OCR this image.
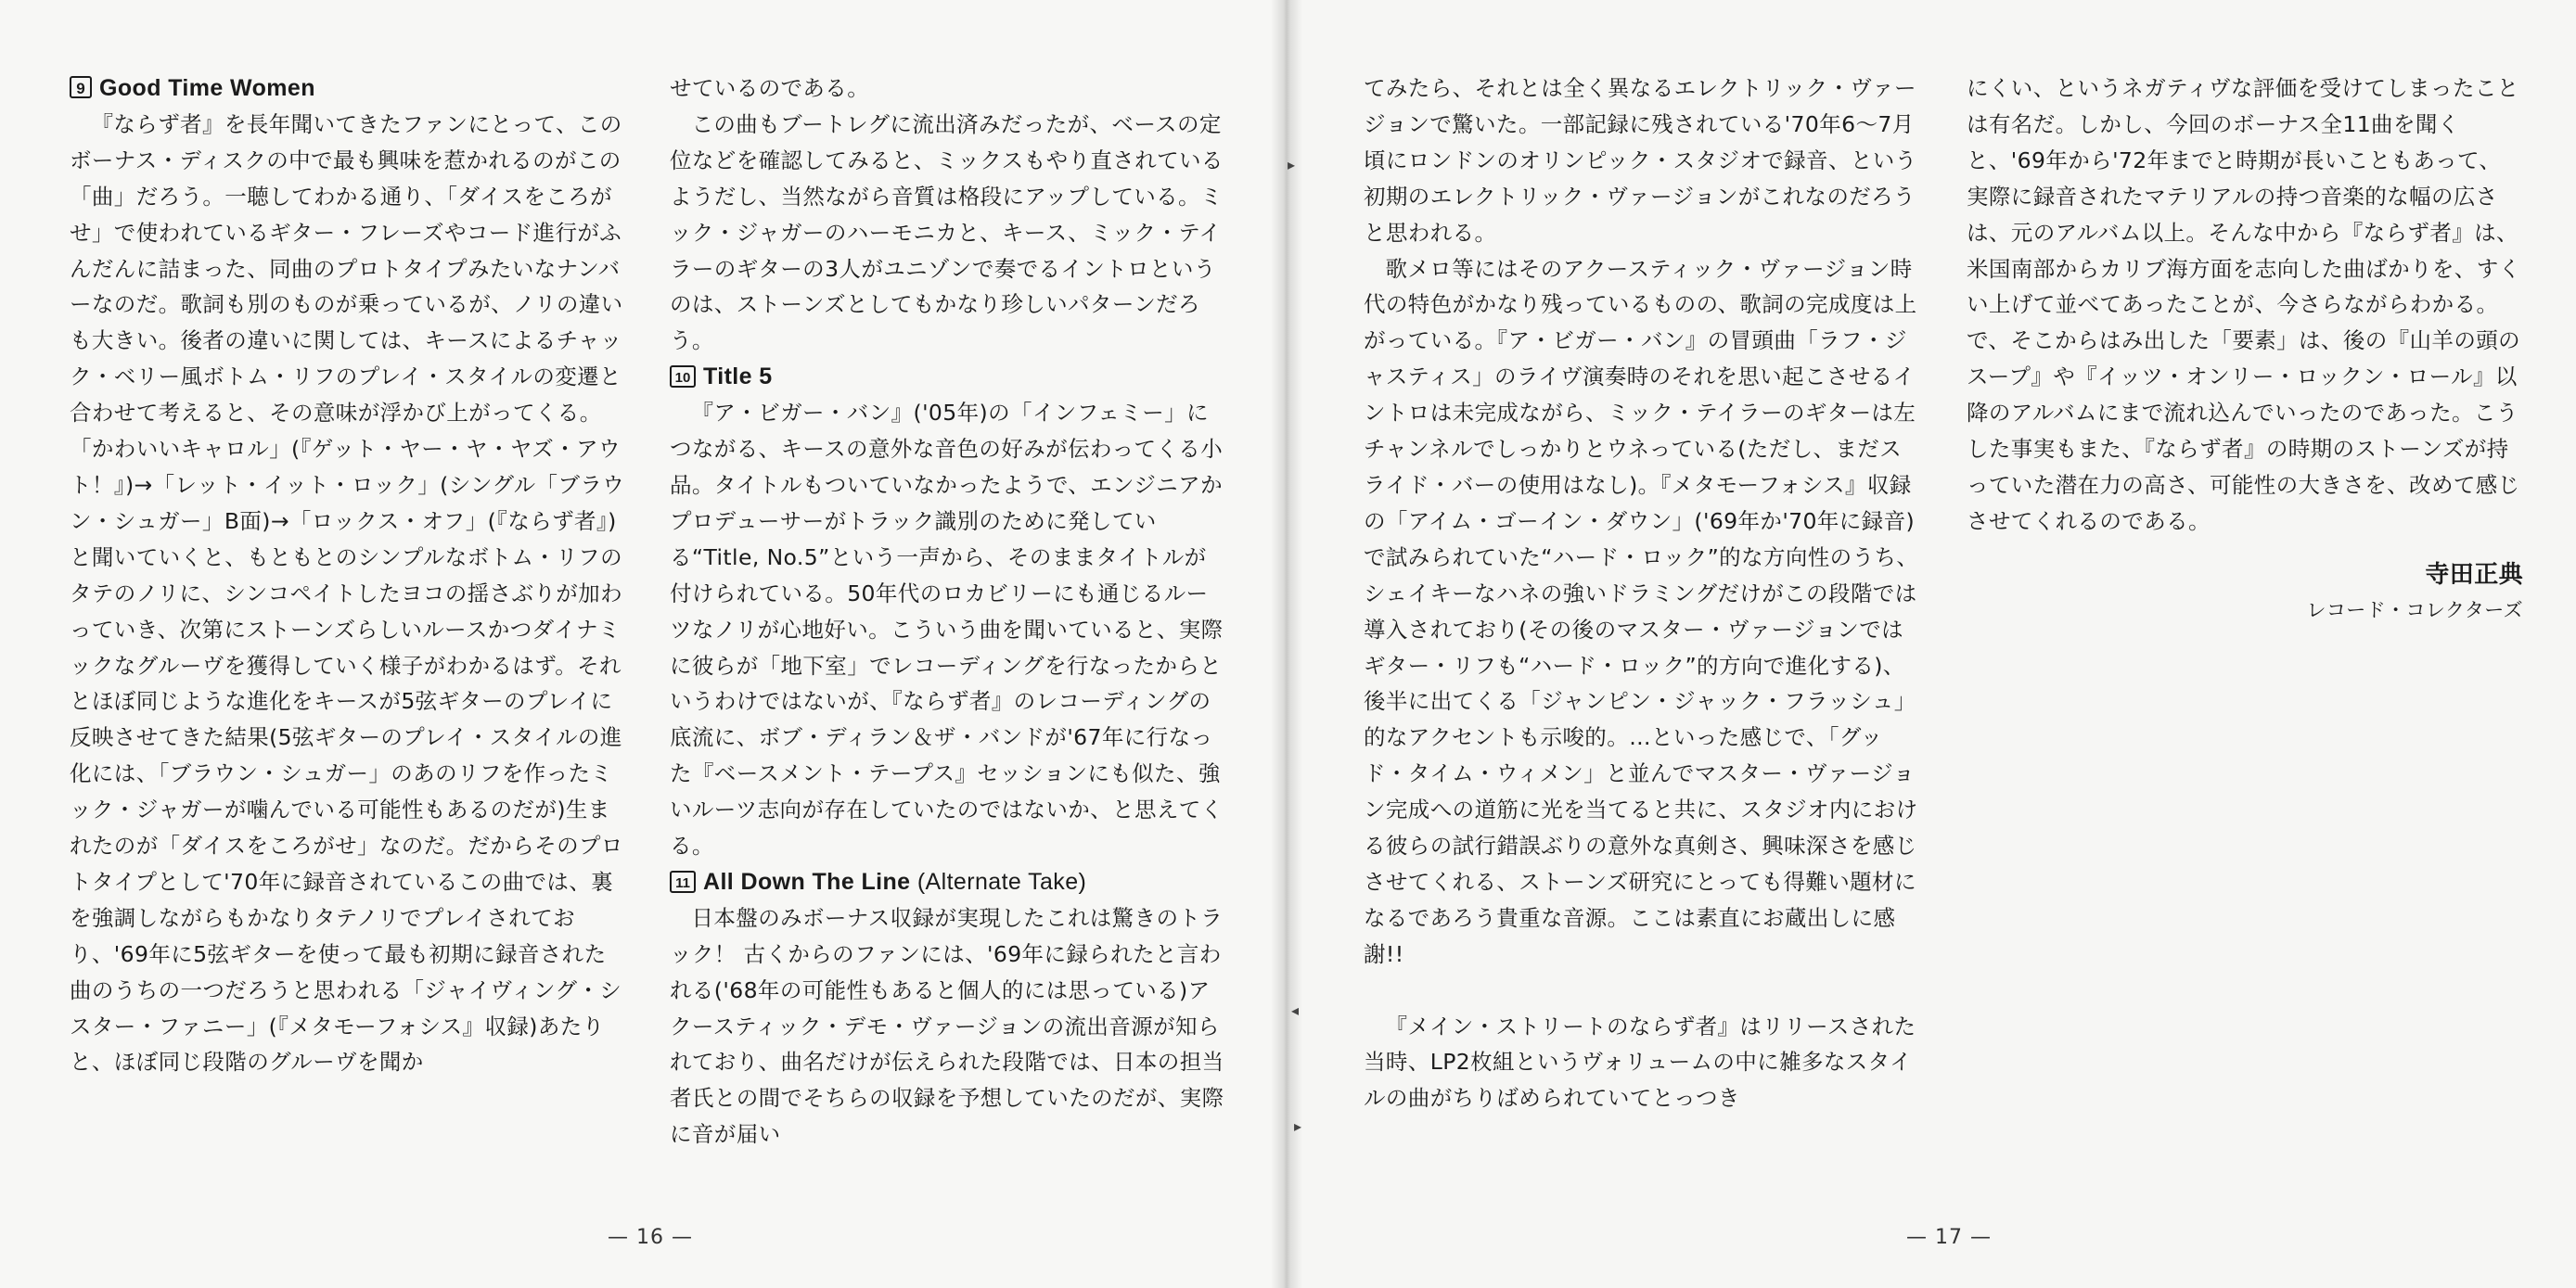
▸
◂
▸

9 Good Time Women

『ならず者』を長年聞いてきたファンにとって、このボーナス・ディスクの中で最も興味を惹かれるのがこの「曲」だろう。一聴してわかる通り、「ダイスをころがせ」で使われているギター・フレーズやコード進行がふんだんに詰まった、同曲のプロトタイプみたいなナンバーなのだ。歌詞も別のものが乗っているが、ノリの違いも大きい。後者の違いに関しては、キースによるチャック・ベリー風ボトム・リフのプレイ・スタイルの変遷と合わせて考えると、その意味が浮かび上がってくる。「かわいいキャロル」(『ゲット・ヤー・ヤ・ヤズ・アウト！』)→「レット・イット・ロック」(シングル「ブラウン・シュガー」B面)→「ロックス・オフ」(『ならず者』)と聞いていくと、もともとのシンプルなボトム・リフのタテのノリに、シンコペイトしたヨコの揺さぶりが加わっていき、次第にストーンズらしいルースかつダイナミックなグルーヴを獲得していく様子がわかるはず。それとほぼ同じような進化をキースが5弦ギターのプレイに反映させてきた結果(5弦ギターのプレイ・スタイルの進化には、「ブラウン・シュガー」のあのリフを作ったミック・ジャガーが噛んでいる可能性もあるのだが)生まれたのが「ダイスをころがせ」なのだ。だからそのプロトタイプとして'70年に録音されているこの曲では、裏を強調しながらもかなりタテノリでプレイされており、'69年に5弦ギターを使って最も初期に録音された曲のうちの一つだろうと思われる「ジャイヴィング・シスター・ファニー」(『メタモーフォシス』収録)あたりと、ほぼ同じ段階のグルーヴを聞か

せているのである。

この曲もブートレグに流出済みだったが、ベースの定位などを確認してみると、ミックスもやり直されているようだし、当然ながら音質は格段にアップしている。ミック・ジャガーのハーモニカと、キース、ミック・テイラーのギターの3人がユニゾンで奏でるイントロというのは、ストーンズとしてもかなり珍しいパターンだろう。

10 Title 5

『ア・ビガー・バン』('05年)の「インフェミー」につながる、キースの意外な音色の好みが伝わってくる小品。タイトルもついていなかったようで、エンジニアかプロデューサーがトラック識別のために発している“Title, No.5”という一声から、そのままタイトルが付けられている。50年代のロカビリーにも通じるルーツなノリが心地好い。こういう曲を聞いていると、実際に彼らが「地下室」でレコーディングを行なったからというわけではないが、『ならず者』のレコーディングの底流に、ボブ・ディラン＆ザ・バンドが'67年に行なった『ベースメント・テープス』セッションにも似た、強いルーツ志向が存在していたのではないか、と思えてくる。

11 All Down The Line (Alternate Take)

日本盤のみボーナス収録が実現したこれは驚きのトラック！ 古くからのファンには、'69年に録られたと言われる('68年の可能性もあると個人的には思っている)アクースティック・デモ・ヴァージョンの流出音源が知られており、曲名だけが伝えられた段階では、日本の担当者氏との間でそちらの収録を予想していたのだが、実際に音が届い

— 16 —

てみたら、それとは全く異なるエレクトリック・ヴァージョンで驚いた。一部記録に残されている'70年6～7月頃にロンドンのオリンピック・スタジオで録音、という初期のエレクトリック・ヴァージョンがこれなのだろうと思われる。

歌メロ等にはそのアクースティック・ヴァージョン時代の特色がかなり残っているものの、歌詞の完成度は上がっている。『ア・ビガー・バン』の冒頭曲「ラフ・ジャスティス」のライヴ演奏時のそれを思い起こさせるイントロは未完成ながら、ミック・テイラーのギターは左チャンネルでしっかりとウネっている(ただし、まだスライド・バーの使用はなし)。『メタモーフォシス』収録の「アイム・ゴーイン・ダウン」('69年か'70年に録音)で試みられていた“ハード・ロック”的な方向性のうち、シェイキーなハネの強いドラミングだけがこの段階では導入されており(その後のマスター・ヴァージョンではギター・リフも“ハード・ロック”的方向で進化する)、後半に出てくる「ジャンピン・ジャック・フラッシュ」的なアクセントも示唆的。…といった感じで、「グッド・タイム・ウィメン」と並んでマスター・ヴァージョン完成への道筋に光を当てると共に、スタジオ内における彼らの試行錯誤ぶりの意外な真剣さ、興味深さを感じさせてくれる、ストーンズ研究にとっても得難い題材になるであろう貴重な音源。ここは素直にお蔵出しに感謝!!

『メイン・ストリートのならず者』はリリースされた当時、LP2枚組というヴォリュームの中に雑多なスタイルの曲がちりばめられていてとっつき

にくい、というネガティヴな評価を受けてしまったことは有名だ。しかし、今回のボーナス全11曲を聞くと、'69年から'72年までと時期が長いこともあって、実際に録音されたマテリアルの持つ音楽的な幅の広さは、元のアルバム以上。そんな中から『ならず者』は、米国南部からカリブ海方面を志向した曲ばかりを、すくい上げて並べてあったことが、今さらながらわかる。で、そこからはみ出した「要素」は、後の『山羊の頭のスープ』や『イッツ・オンリー・ロックン・ロール』以降のアルバムにまで流れ込んでいったのであった。こうした事実もまた、『ならず者』の時期のストーンズが持っていた潜在力の高さ、可能性の大きさを、改めて感じさせてくれるのである。

寺田正典
レコード・コレクターズ
— 17 —
